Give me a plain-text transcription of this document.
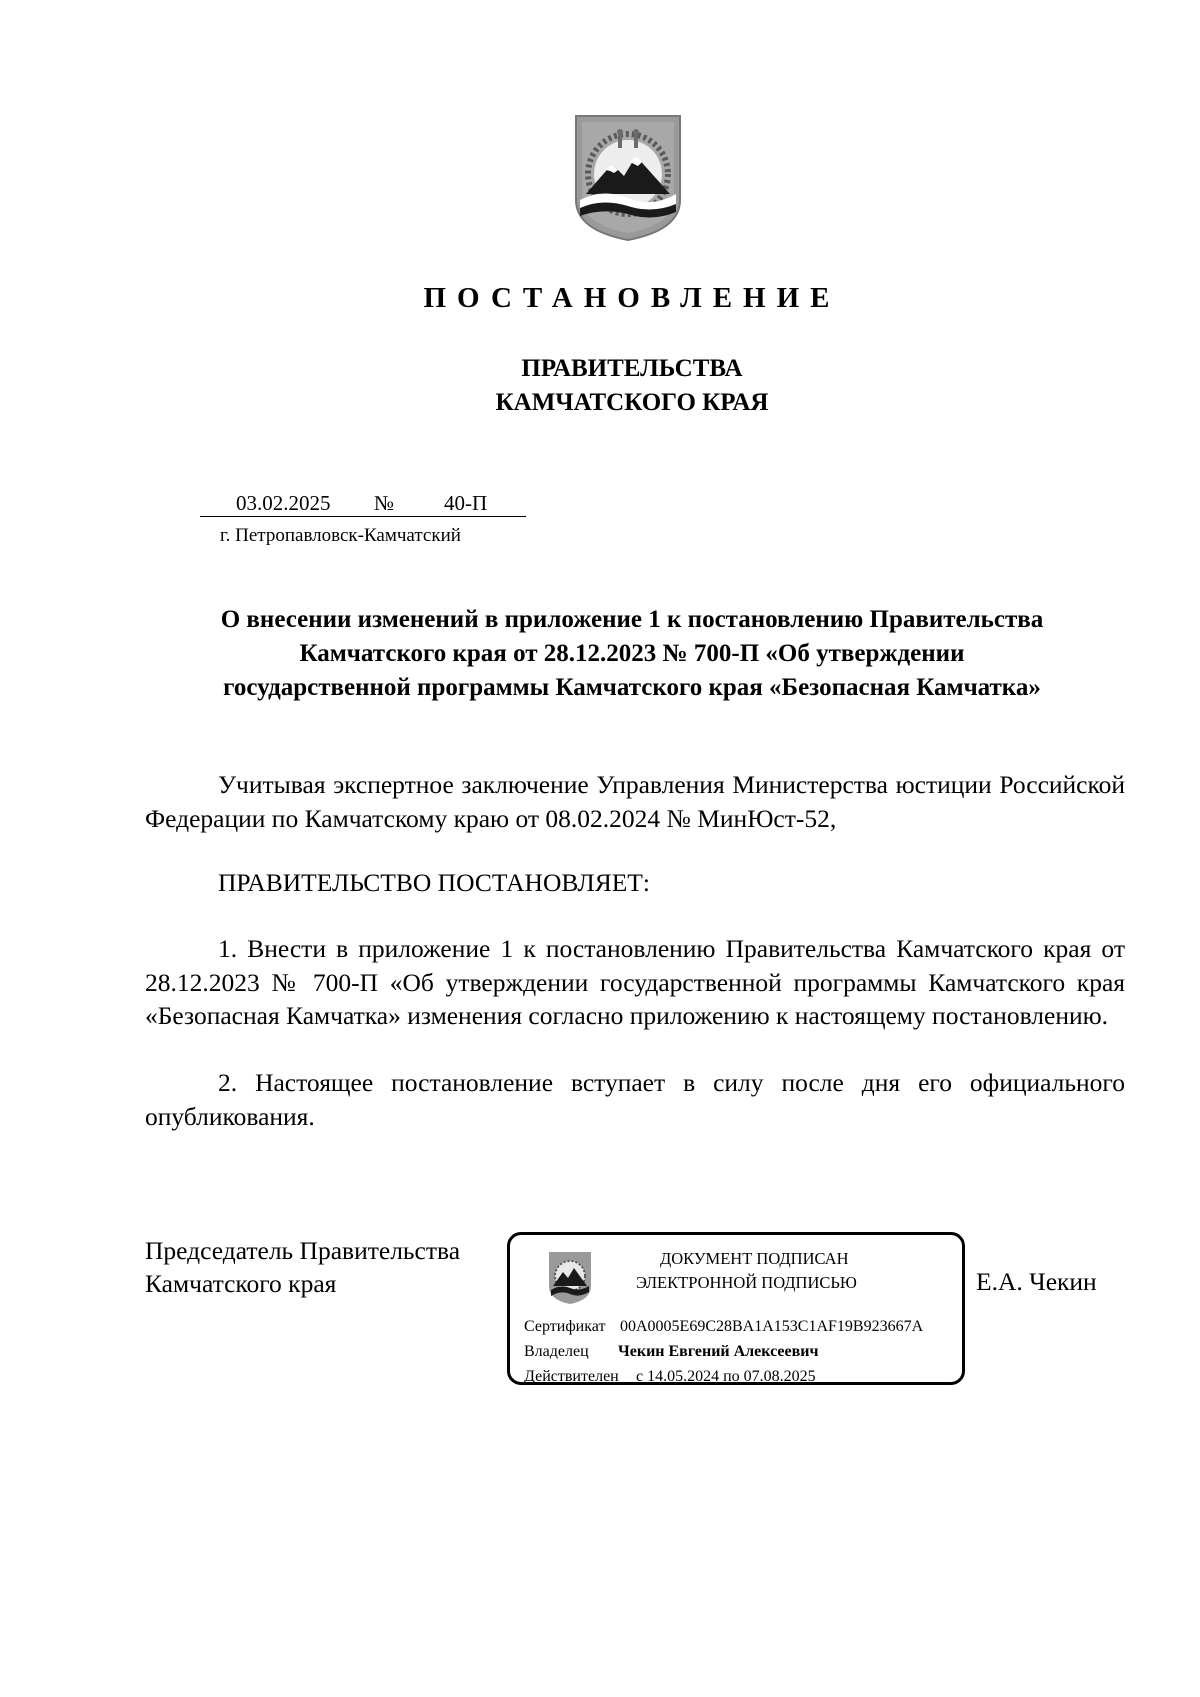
ПОСТАНОВЛЕНИЕ
ПРАВИТЕЛЬСТВА
КАМЧАТСКОГО КРАЯ
03.02.2025 № 40-П
г. Петропавловск-Камчатский
О внесении изменений в приложение 1 к постановлению Правительства
Камчатского края от 28.12.2023 № 700-П «Об утверждении
государственной программы Камчатского края «Безопасная Камчатка»
Учитывая экспертное заключение Управления Министерства юстиции Российской Федерации по Камчатскому краю от 08.02.2024 № МинЮст-52,
ПРАВИТЕЛЬСТВО ПОСТАНОВЛЯЕТ:
1. Внести в приложение 1 к постановлению Правительства Камчатского края от 28.12.2023 № 700-П «Об утверждении государственной программы Камчатского края «Безопасная Камчатка» изменения согласно приложению к настоящему постановлению.
2. Настоящее постановление вступает в силу после дня его официального опубликования.
Председатель Правительства
Камчатского края	Е.А. Чекин
ДОКУМЕНТ ПОДПИСАН
ЭЛЕКТРОННОЙ ПОДПИСЬЮ
Сертификат 00A0005E69C28BA1A153C1AF19B923667A
Владелец Чекин Евгений Алексеевич
Действителен с 14.05.2024 по 07.08.2025
